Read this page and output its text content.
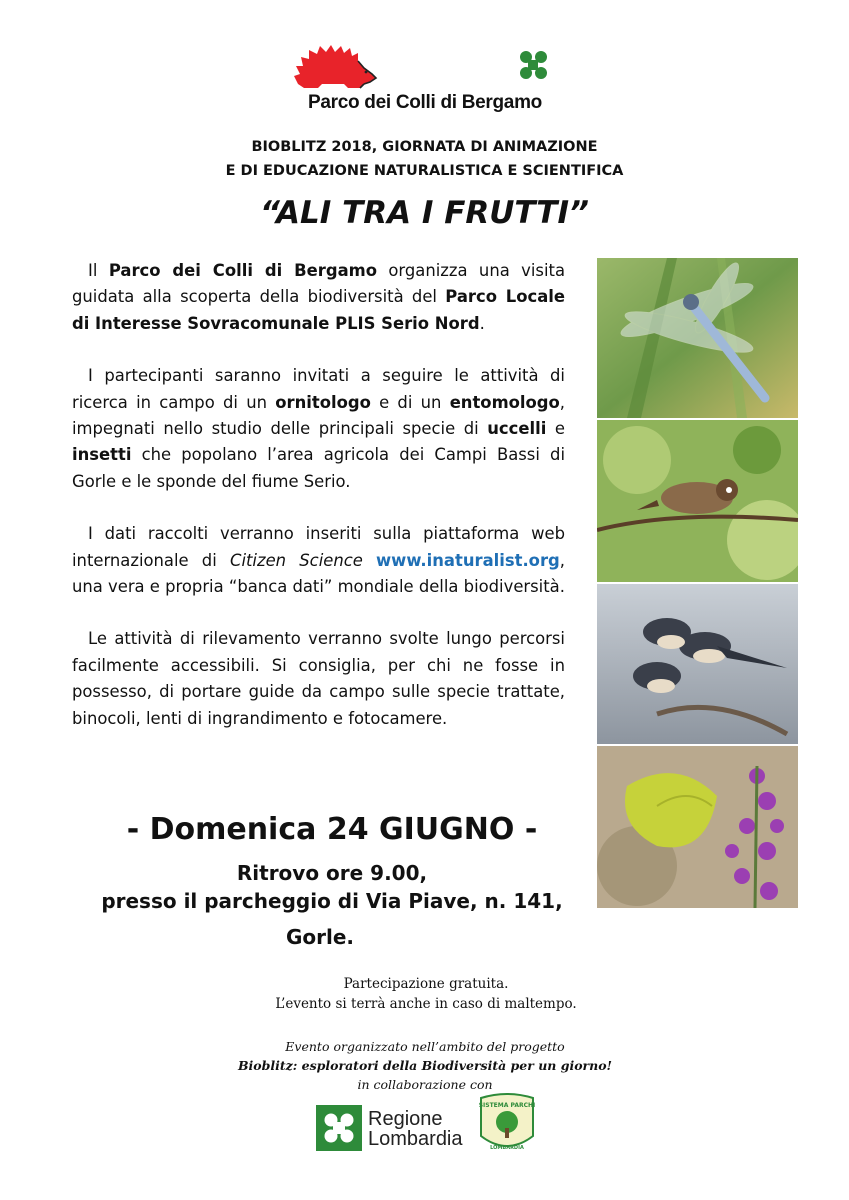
Parco dei Colli di Bergamo
BIOBLITZ 2018, GIORNATA DI ANIMAZIONE
E DI EDUCAZIONE NATURALISTICA E SCIENTIFICA
“ALI TRA I FRUTTI”

Il Parco dei Colli di Bergamo organizza una visita guidata alla scoperta della biodiversità del Parco Locale di Interesse Sovracomunale PLIS Serio Nord.

I partecipanti saranno invitati a seguire le attività di ricerca in campo di un ornitologo e di un entomologo, impegnati nello studio delle principali specie di uccelli e insetti che popolano l’area agricola dei Campi Bassi di Gorle e le sponde del fiume Serio.

I dati raccolti verranno inseriti sulla piattaforma web internazionale di Citizen Science www.inaturalist.org, una vera e propria “banca dati” mondiale della biodiversità.

Le attività di rilevamento verranno svolte lungo percorsi facilmente accessibili. Si consiglia, per chi ne fosse in possesso, di portare guide da campo sulle specie trattate, binocoli, lenti di ingrandimento e fotocamere.

- Domenica 24 GIUGNO -
Ritrovo ore 9.00,
presso il parcheggio di Via Piave, n. 141,
Gorle.
Partecipazione gratuita.
L’evento si terrà anche in caso di maltempo.
Evento organizzato nell’ambito del progetto
Bioblitz: esploratori della Biodiversità per un giorno!
in collaborazione con
Regione
Lombardia
SISTEMA PARCHI
LOMBARDIA
